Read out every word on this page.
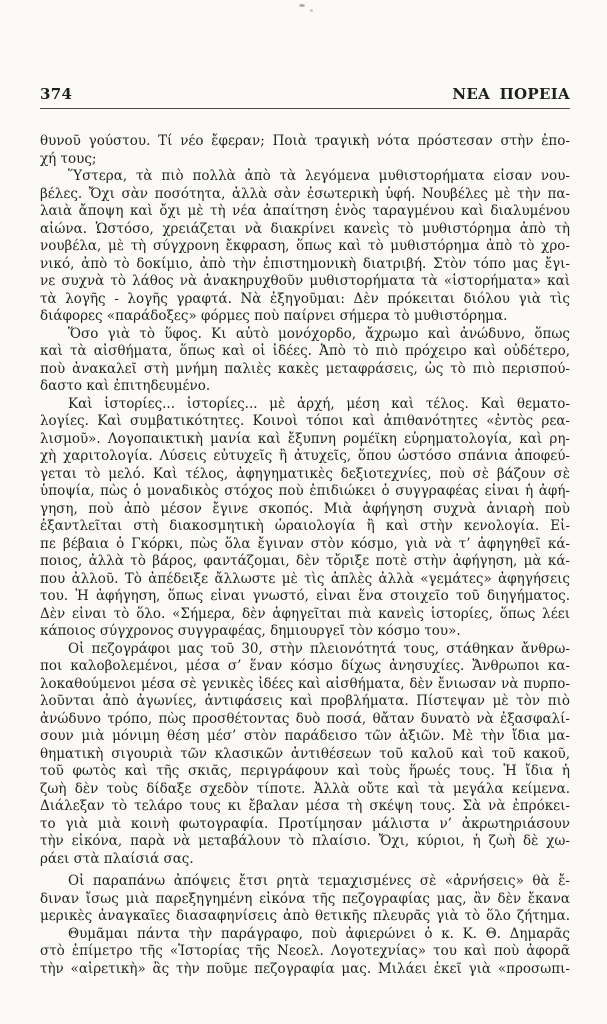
374	ΝΕΑ ΠΟΡΕΙΑ
θυνοῦ γούστου. Τί νέο ἔφεραν; Ποιὰ τραγικὴ νότα πρόστεσαν στὴν ἐπο-
χή τους;
Ὕστερα, τὰ πιὸ πολλὰ ἀπὸ τὰ λεγόμενα μυθιστορήματα εἶσαν νου-
βέλες. Ὄχι σὰν ποσότητα, ἀλλὰ σὰν ἐσωτερικὴ ὑφή. Νουβέλες μὲ τὴν πα-
λαιὰ ἄποψη καὶ ὄχι μὲ τὴ νέα ἀπαίτηση ἑνὸς ταραγμένου καὶ διαλυμένου
αἰώνα. Ὡστόσο, χρειάζεται νὰ διακρίνει κανεὶς τὸ μυθιστόρημα ἀπὸ τὴ
νουβέλα, μὲ τὴ σύγχρονη ἔκφραση, ὅπως καὶ τὸ μυθιστόρημα ἀπὸ τὸ χρο-
νικό, ἀπὸ τὸ δοκίμιο, ἀπὸ τὴν ἐπιστημονικὴ διατριβή. Στὸν τόπο μας ἔγι-
νε συχνὰ τὸ λάθος νὰ ἀνακηρυχθοῦν μυθιστορήματα τὰ «ἱστορήματα» καὶ
τὰ λογῆς - λογῆς γραφτά. Νὰ ἐξηγοῦμαι: Δὲν πρόκειται διόλου γιὰ τὶς
διάφορες «παράδοξες» φόρμες ποὺ παίρνει σήμερα τὸ μυθιστόρημα.
Ὅσο γιὰ τὸ ὕφος. Κι αὐτὸ μονόχορδο, ἄχρωμο καὶ ἀνώδυνο, ὅπως
καὶ τὰ αἰσθήματα, ὅπως καὶ οἱ ἰδέες. Ἀπὸ τὸ πιὸ πρόχειρο καὶ οὐδέτερο,
ποὺ ἀνακαλεῖ στὴ μνήμη παλιὲς κακὲς μεταφράσεις, ὦς τὸ πιὸ περισπού-
δαστο καὶ ἐπιτηδευμένο.
Καὶ ἱστορίες... ἱστορίες... μὲ ἀρχή, μέση καὶ τέλος. Καὶ θεματο-
λογίες. Καὶ συμβατικότητες. Κοινοὶ τόποι καὶ ἀπιθανότητες «ἐντὸς ρεα-
λισμοῦ». Λογοπαικτικὴ μανία καὶ ἔξυπνη ρομέϊκη εὑρηματολογία, καὶ ρη-
χὴ χαριτολογία. Λύσεις εὐτυχεῖς ἢ ἀτυχεῖς, ὅπου ὡστόσο σπάνια ἀποφεύ-
γεται τὸ μελό. Καὶ τέλος, ἀφηγηματικὲς δεξιοτεχνίες, ποὺ σὲ βάζουν σὲ
ὑποψία, πὼς ὁ μοναδικὸς στόχος ποὺ ἐπιδιώκει ὁ συγγραφέας εἶναι ἡ ἀφή-
γηση, ποὺ ἀπὸ μέσον ἔγινε σκοπός. Μιὰ ἀφήγηση συχνὰ ἀνιαρὴ ποὺ
ἐξαντλεῖται στὴ διακοσμητικὴ ὡραιολογία ἢ καὶ στὴν κενολογία. Εἶ-
πε βέβαια ὁ Γκόρκι, πὼς ὅλα ἔγιναν στὸν κόσμο, γιὰ νὰ τ’ ἀφηγηθεῖ κά-
ποιος, ἀλλὰ τὸ βάρος, φαντάζομαι, δὲν τὄριξε ποτὲ στὴν ἀφήγηση, μὰ κά-
που ἀλλοῦ. Τὸ ἀπέδειξε ἄλλωστε μὲ τὶς ἁπλὲς ἀλλὰ «γεμάτες» ἀφηγήσεις
του. Ἡ ἀφήγηση, ὅπως εἶναι γνωστό, εἶναι ἕνα στοιχεῖο τοῦ διηγήματος.
Δὲν εἶναι τὸ ὅλο. «Σήμερα, δὲν ἀφηγεῖται πιὰ κανεὶς ἱστορίες, ὅπως λέει
κάποιος σύγχρονος συγγραφέας, δημιουργεῖ τὸν κόσμο του».
Οἱ πεζογράφοι μας τοῦ 30, στὴν πλειονότητά τους, στάθηκαν ἄνθρω-
ποι καλοβολεμένοι, μέσα σ’ ἕναν κόσμο δίχως ἀνησυχίες. Ἄνθρωποι κα-
λοκαθούμενοι μέσα σὲ γενικὲς ἰδέες καὶ αἰσθήματα, δὲν ἔνιωσαν νὰ πυρπο-
λοῦνται ἀπὸ ἀγωνίες, ἀντιφάσεις καὶ προβλήματα. Πίστεψαν μὲ τὸν πιὸ
ἀνώδυνο τρόπο, πὼς προσθέτοντας δυὸ ποσά, θἄταν δυνατὸ νὰ ἐξασφαλί-
σουν μιὰ μόνιμη θέση μέσ’ στὸν παράδεισο τῶν ἀξιῶν. Μὲ τὴν ἴδια μα-
θηματικὴ σιγουριὰ τῶν κλασικῶν ἀντιθέσεων τοῦ καλοῦ καὶ τοῦ κακοῦ,
τοῦ φωτὸς καὶ τῆς σκιᾶς, περιγράφουν καὶ τοὺς ἥρωές τους. Ἡ ἴδια ἡ
ζωὴ δὲν τοὺς δίδαξε σχεδὸν τίποτε. Ἀλλὰ οὔτε καὶ τὰ μεγάλα κείμενα.
Διάλεξαν τὸ τελάρο τους κι ἔβαλαν μέσα τὴ σκέψη τους. Σὰ νὰ ἐπρόκει-
το γιὰ μιὰ κοινὴ φωτογραφία. Προτίμησαν μάλιστα ν’ ἀκρωτηριάσουν
τὴν εἰκόνα, παρὰ νὰ μεταβάλουν τὸ πλαίσιο. Ὄχι, κύριοι, ἡ ζωὴ δὲ χω-
ράει στὰ πλαίσιά σας.
Οἱ παραπάνω ἀπόψεις ἔτσι ρητὰ τεμαχισμένες σὲ «ἀρνήσεις» θὰ ἔ-
διναν ἴσως μιὰ παρεξηγημένη εἰκόνα τῆς πεζογραφίας μας, ἂν δὲν ἔκανα
μερικὲς ἀναγκαῖες διασαφηνίσεις ἀπὸ θετικῆς πλευρᾶς γιὰ τὸ ὅλο ζήτημα.
Θυμᾶμαι πάντα τὴν παράγραφο, ποὺ ἀφιερώνει ὁ κ. Κ. Θ. Δημαρᾶς
στὸ ἐπίμετρο τῆς «Ἱστορίας τῆς Νεοελ. Λογοτεχνίας» του καὶ ποὺ ἀφορᾶ
τὴν «αἱρετικὴ» ἂς τὴν ποῦμε πεζογραφία μας. Μιλάει ἐκεῖ γιὰ «προσωπι-
